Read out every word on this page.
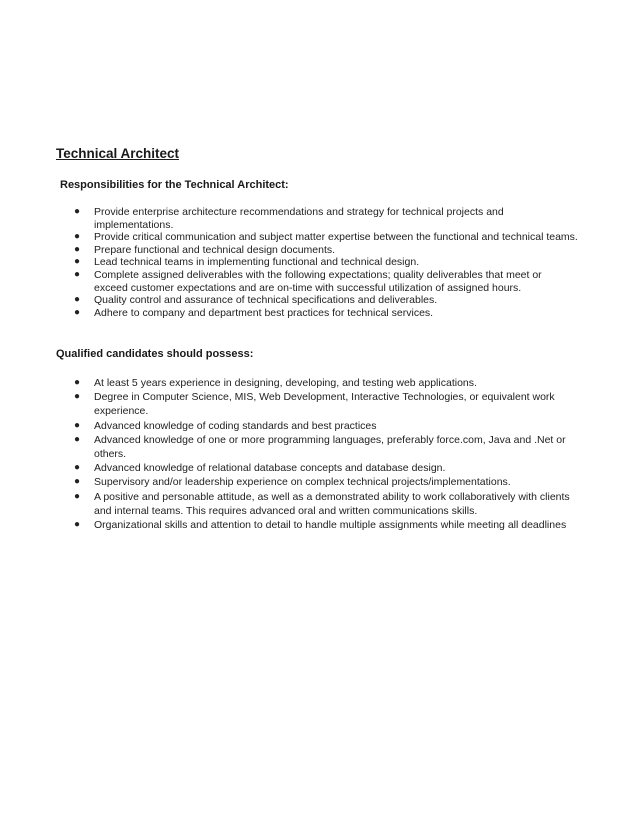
Technical Architect
Responsibilities for the Technical Architect:
● Provide enterprise architecture recommendations and strategy for technical projects and implementations.
● Provide critical communication and subject matter expertise between the functional and technical teams.
● Prepare functional and technical design documents.
● Lead technical teams in implementing functional and technical design.
● Complete assigned deliverables with the following expectations; quality deliverables that meet or exceed customer expectations and are on-time with successful utilization of assigned hours.
● Quality control and assurance of technical specifications and deliverables.
● Adhere to company and department best practices for technical services.
Qualified candidates should possess:
● At least 5 years experience in designing, developing, and testing web applications.
● Degree in Computer Science, MIS, Web Development, Interactive Technologies, or equivalent work experience.
● Advanced knowledge of coding standards and best practices
● Advanced knowledge of one or more programming languages, preferably force.com, Java and .Net or others.
● Advanced knowledge of relational database concepts and database design.
● Supervisory and/or leadership experience on complex technical projects/implementations.
● A positive and personable attitude, as well as a demonstrated ability to work collaboratively with clients and internal teams. This requires advanced oral and written communications skills.
● Organizational skills and attention to detail to handle multiple assignments while meeting all deadlines
